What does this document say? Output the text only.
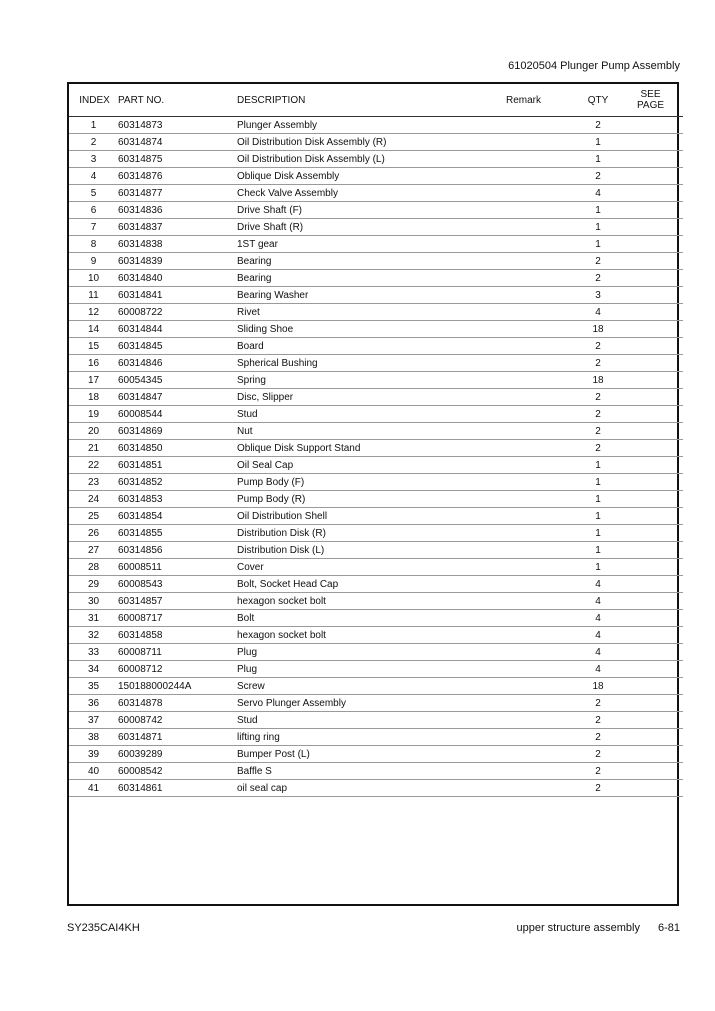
61020504 Plunger Pump Assembly
INDEX	PART NO.	DESCRIPTION	Remark	QTY	SEE
PAGE

1	60314873	Plunger Assembly		2	
2	60314874	Oil Distribution Disk Assembly (R)		1	
3	60314875	Oil Distribution Disk Assembly (L)		1	
4	60314876	Oblique Disk Assembly		2	
5	60314877	Check Valve Assembly		4	
6	60314836	Drive Shaft (F)		1	
7	60314837	Drive Shaft (R)		1	
8	60314838	1ST gear		1	
9	60314839	Bearing		2	
10	60314840	Bearing		2	
11	60314841	Bearing Washer		3	
12	60008722	Rivet		4	
14	60314844	Sliding Shoe		18	
15	60314845	Board		2	
16	60314846	Spherical Bushing		2	
17	60054345	Spring		18	
18	60314847	Disc, Slipper		2	
19	60008544	Stud		2	
20	60314869	Nut		2	
21	60314850	Oblique Disk Support Stand		2	
22	60314851	Oil Seal Cap		1	
23	60314852	Pump Body (F)		1	
24	60314853	Pump Body (R)		1	
25	60314854	Oil Distribution Shell		1	
26	60314855	Distribution Disk (R)		1	
27	60314856	Distribution Disk (L)		1	
28	60008511	Cover		1	
29	60008543	Bolt, Socket Head Cap		4	
30	60314857	hexagon socket bolt		4	
31	60008717	Bolt		4	
32	60314858	hexagon socket bolt		4	
33	60008711	Plug		4	
34	60008712	Plug		4	
35	150188000244A	Screw		18	
36	60314878	Servo Plunger Assembly		2	
37	60008742	Stud		2	
38	60314871	lifting ring		2	
39	60039289	Bumper Post (L)		2	
40	60008542	Baffle S		2	
41	60314861	oil seal cap		2	
SY235CAI4KH	upper structure assembly 6-81
